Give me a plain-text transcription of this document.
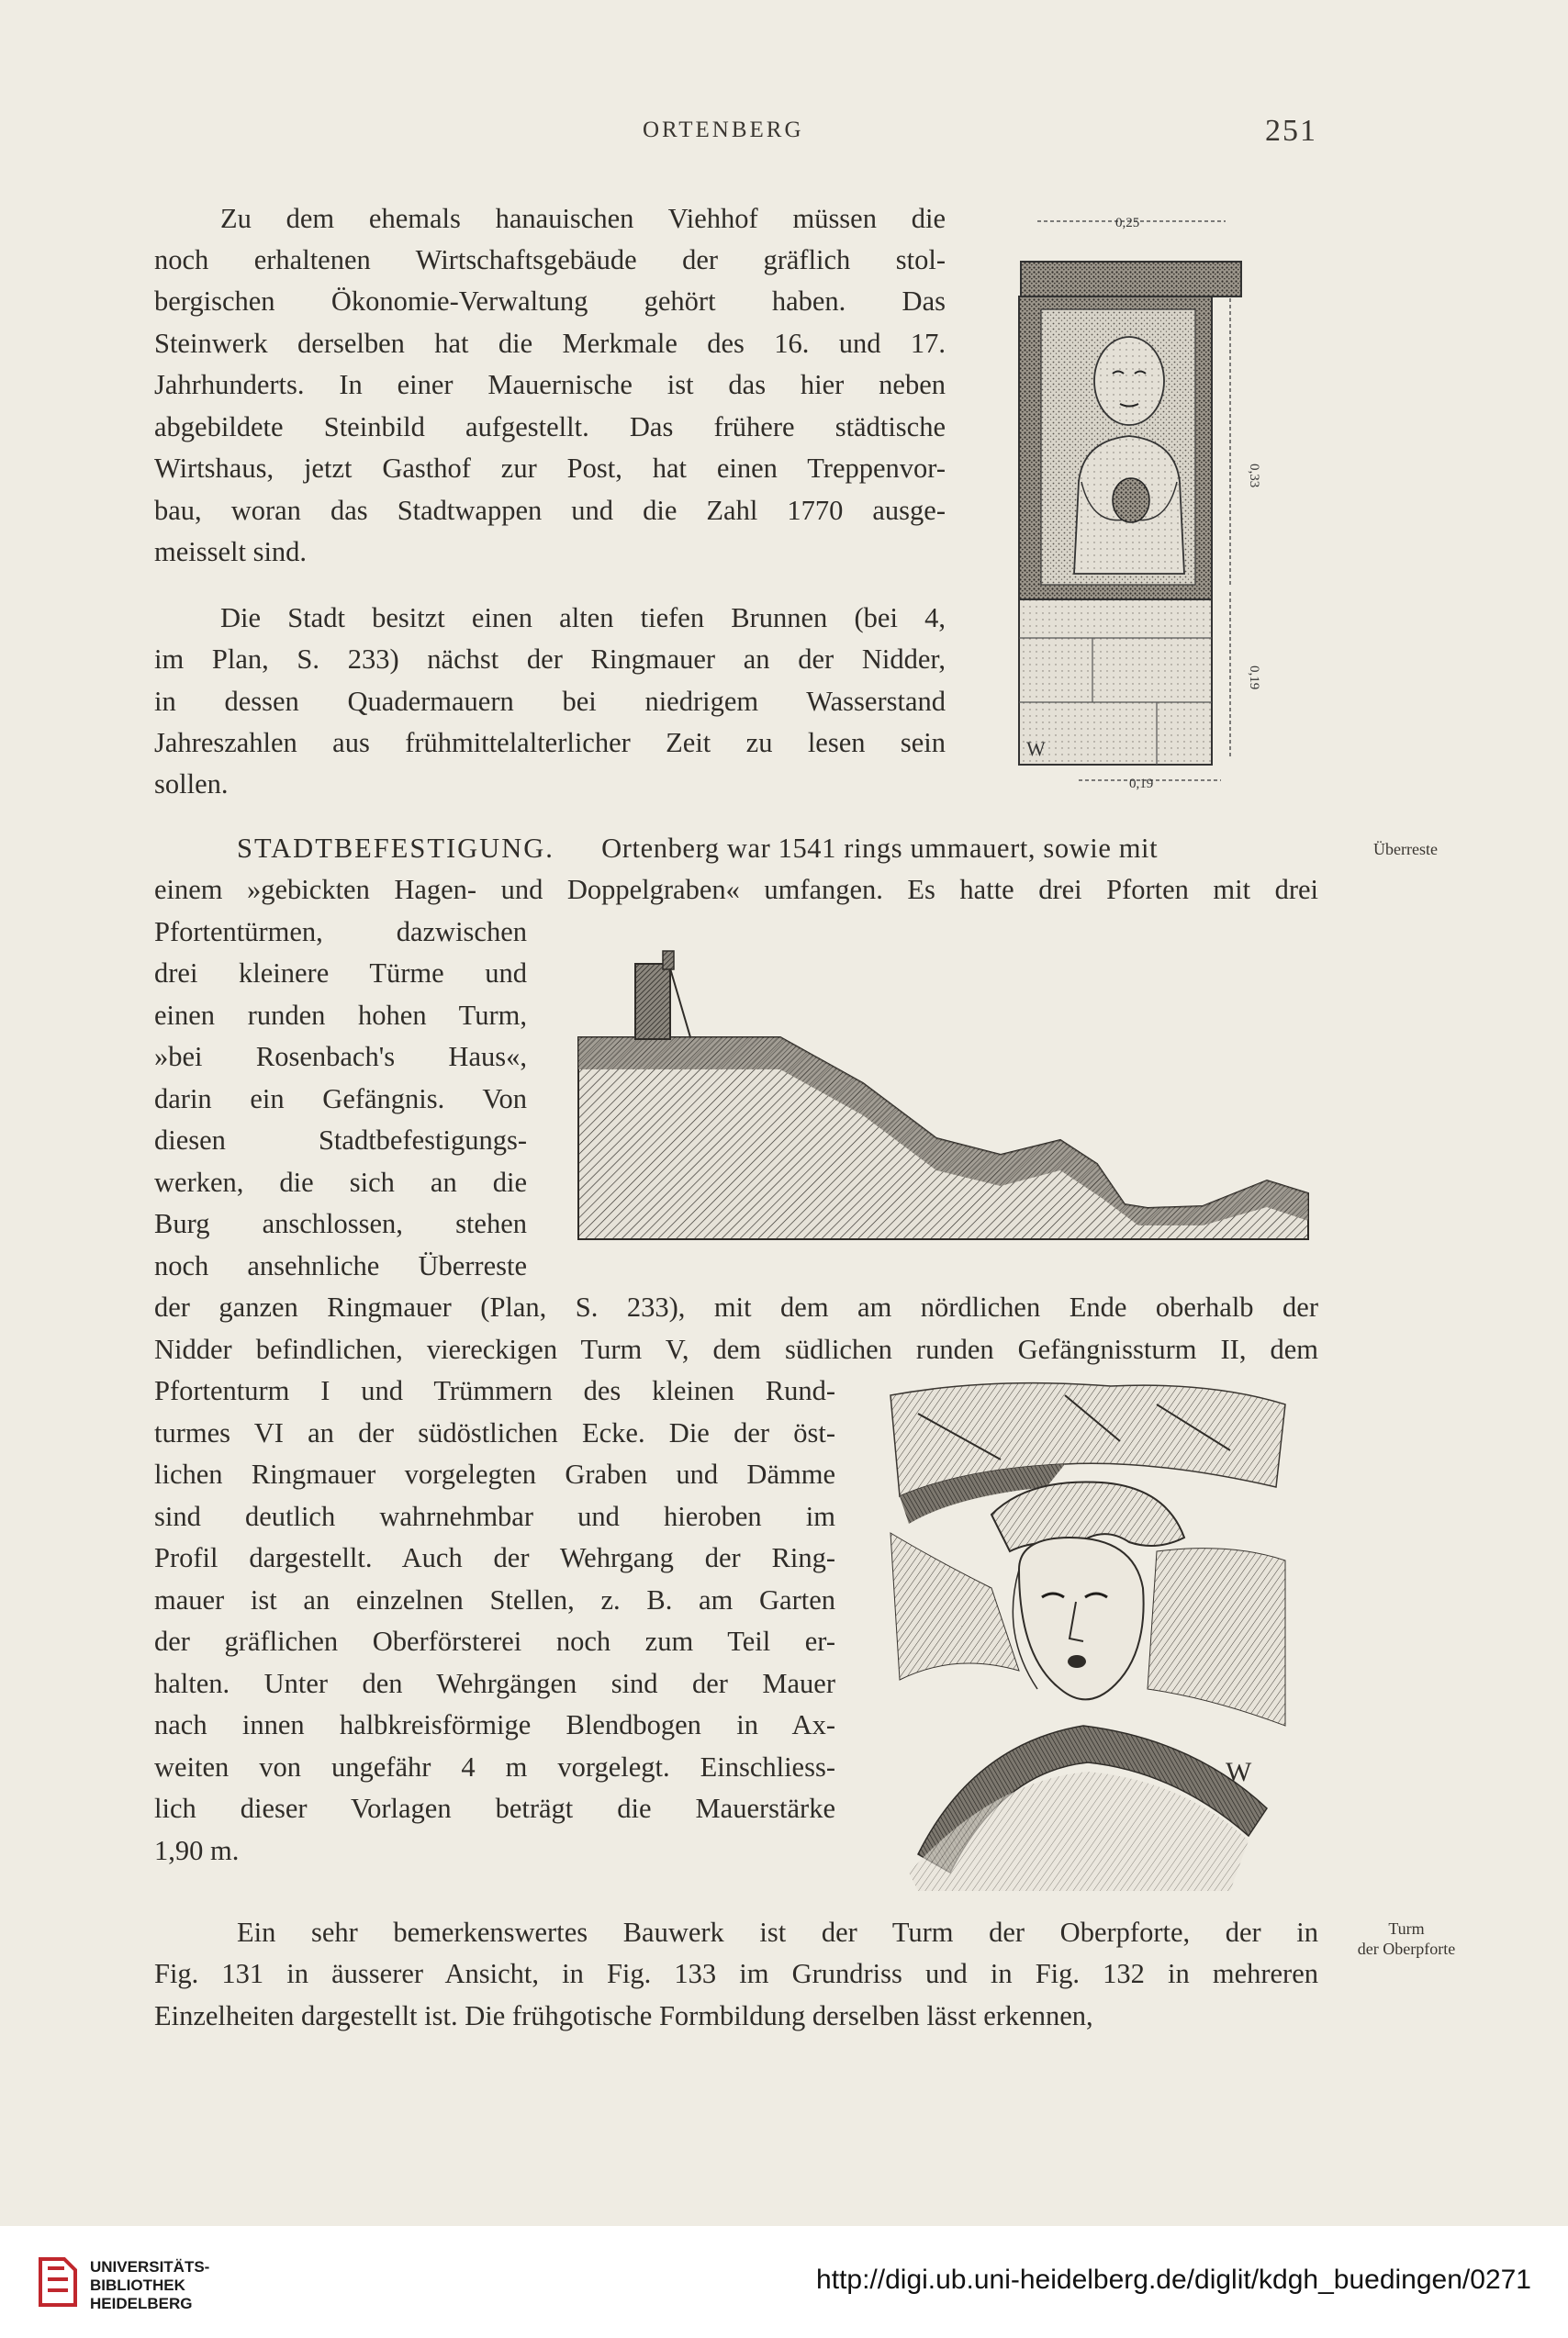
ORTENBERG	251
Zu dem ehemals hanauischen Viehhof müssen die
noch erhaltenen Wirtschaftsgebäude der gräflich stol-
bergischen Ökonomie-Verwaltung gehört haben. Das
Steinwerk derselben hat die Merkmale des 16. und 17.
Jahrhunderts. In einer Mauernische ist das hier neben
abgebildete Steinbild aufgestellt. Das frühere städtische
Wirtshaus, jetzt Gasthof zur Post, hat einen Treppenvor-
bau, woran das Stadtwappen und die Zahl 1770 ausge-
meisselt sind.
Die Stadt besitzt einen alten tiefen Brunnen (bei 4,
im Plan, S. 233) nächst der Ringmauer an der Nidder,
in dessen Quadermauern bei niedrigem Wasserstand
Jahreszahlen aus frühmittelalterlicher Zeit zu lesen sein
sollen.
0,25
0,33
0,19
0,19
W
STADTBEFESTIGUNG. Ortenberg war 1541 rings ummauert, sowie mit
einem »gebickten Hagen- und Doppelgraben« umfangen. Es hatte drei Pforten mit drei
Pfortentürmen, dazwischen
drei kleinere Türme und
einen runden hohen Turm,
»bei Rosenbach's Haus«,
darin ein Gefängnis. Von
diesen Stadtbefestigungs-
werken, die sich an die
Burg anschlossen, stehen
noch ansehnliche Überreste
der ganzen Ringmauer (Plan, S. 233), mit dem am nördlichen Ende oberhalb der
Nidder befindlichen, viereckigen Turm V, dem südlichen runden Gefängnissturm II, dem
Pfortenturm I und Trümmern des kleinen Rund-
turmes VI an der südöstlichen Ecke. Die der öst-
lichen Ringmauer vorgelegten Graben und Dämme
sind deutlich wahrnehmbar und hieroben im
Profil dargestellt. Auch der Wehrgang der Ring-
mauer ist an einzelnen Stellen, z. B. am Garten
der gräflichen Oberförsterei noch zum Teil er-
halten. Unter den Wehrgängen sind der Mauer
nach innen halbkreisförmige Blendbogen in Ax-
weiten von ungefähr 4 m vorgelegt. Einschliess-
lich dieser Vorlagen beträgt die Mauerstärke
1,90 m.
W
Ein sehr bemerkenswertes Bauwerk ist der Turm der Oberpforte, der in
Fig. 131 in äusserer Ansicht, in Fig. 133 im Grundriss und in Fig. 132 in mehreren
Einzelheiten dargestellt ist. Die frühgotische Formbildung derselben lässt erkennen,
Überreste
Turm
der Oberpforte
UNIVERSITÄTS-
BIBLIOTHEK
HEIDELBERG
http://digi.ub.uni-heidelberg.de/diglit/kdgh_buedingen/0271
